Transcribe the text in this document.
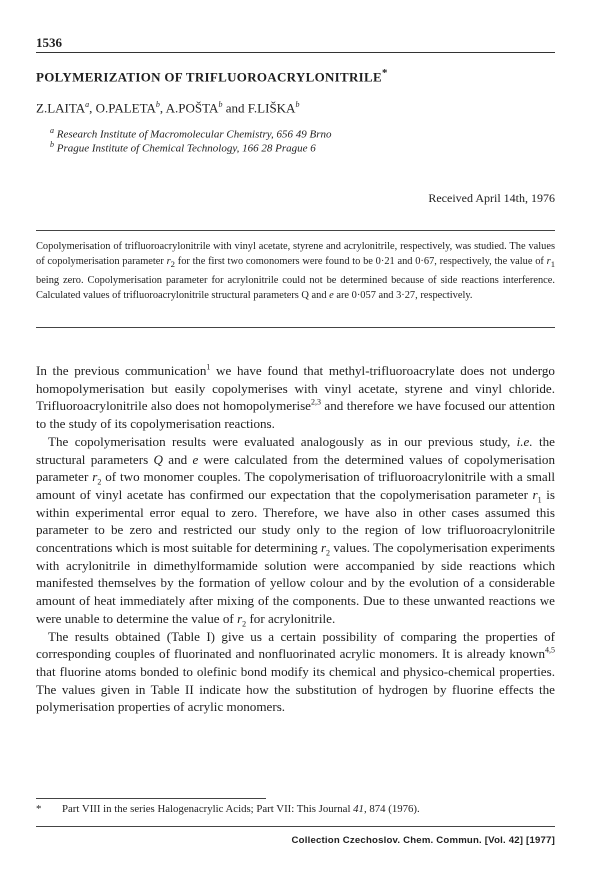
1536
POLYMERIZATION OF TRIFLUOROACRYLONITRILE*
Z.LAITA$^a$, O.PALETA$^b$, A.POŠTA$^b$ and F.LIŠKA$^b$
$^a$ Research Institute of Macromolecular Chemistry, 656 49 Brno
$^b$ Prague Institute of Chemical Technology, 166 28 Prague 6
Received April 14th, 1976
Copolymerisation of trifluoroacrylonitrile with vinyl acetate, styrene and acrylonitrile, respectively, was studied. The values of copolymerisation parameter $r_2$ for the first two comonomers were found to be 0·21 and 0·67, respectively, the value of $r_1$ being zero. Copolymerisation parameter for acrylonitrile could not be determined because of side reactions interference. Calculated values of trifluoroacrylonitrile structural parameters Q and e are 0·057 and 3·27, respectively.

In the previous communication$^1$ we have found that methyl-trifluoroacrylate does not undergo homopolymerisation but easily copolymerises with vinyl acetate, styrene and vinyl chloride. Trifluoroacrylonitrile also does not homopolymerise$^{2,3}$ and therefore we have focused our attention to the study of its copolymerisation reactions.

The copolymerisation results were evaluated analogously as in our previous study, i.e. the structural parameters Q and e were calculated from the determined values of copolymerisation parameter $r_2$ of two monomer couples. The copolymerisation of trifluoroacrylonitrile with a small amount of vinyl acetate has confirmed our expectation that the copolymerisation parameter $r_1$ is within experimental error equal to zero. Therefore, we have also in other cases assumed this parameter to be zero and restricted our study only to the region of low trifluoroacrylonitrile concentrations which is most suitable for determining $r_2$ values. The copolymerisation experiments with acrylonitrile in dimethylformamide solution were accompanied by side reactions which manifested themselves by the formation of yellow colour and by the evolution of a considerable amount of heat immediately after mixing of the components. Due to these unwanted reactions we were unable to determine the value of $r_2$ for acrylonitrile.

The results obtained (Table I) give us a certain possibility of comparing the properties of corresponding couples of fluorinated and nonfluorinated acrylic monomers. It is already known$^{4,5}$ that fluorine atoms bonded to olefinic bond modify its chemical and physico-chemical properties. The values given in Table II indicate how the substitution of hydrogen by fluorine effects the polymerisation properties of acrylic monomers.

* Part VIII in the series Halogenacrylic Acids; Part VII: This Journal 41, 874 (1976).
Collection Czechoslov. Chem. Commun. [Vol. 42] [1977]
